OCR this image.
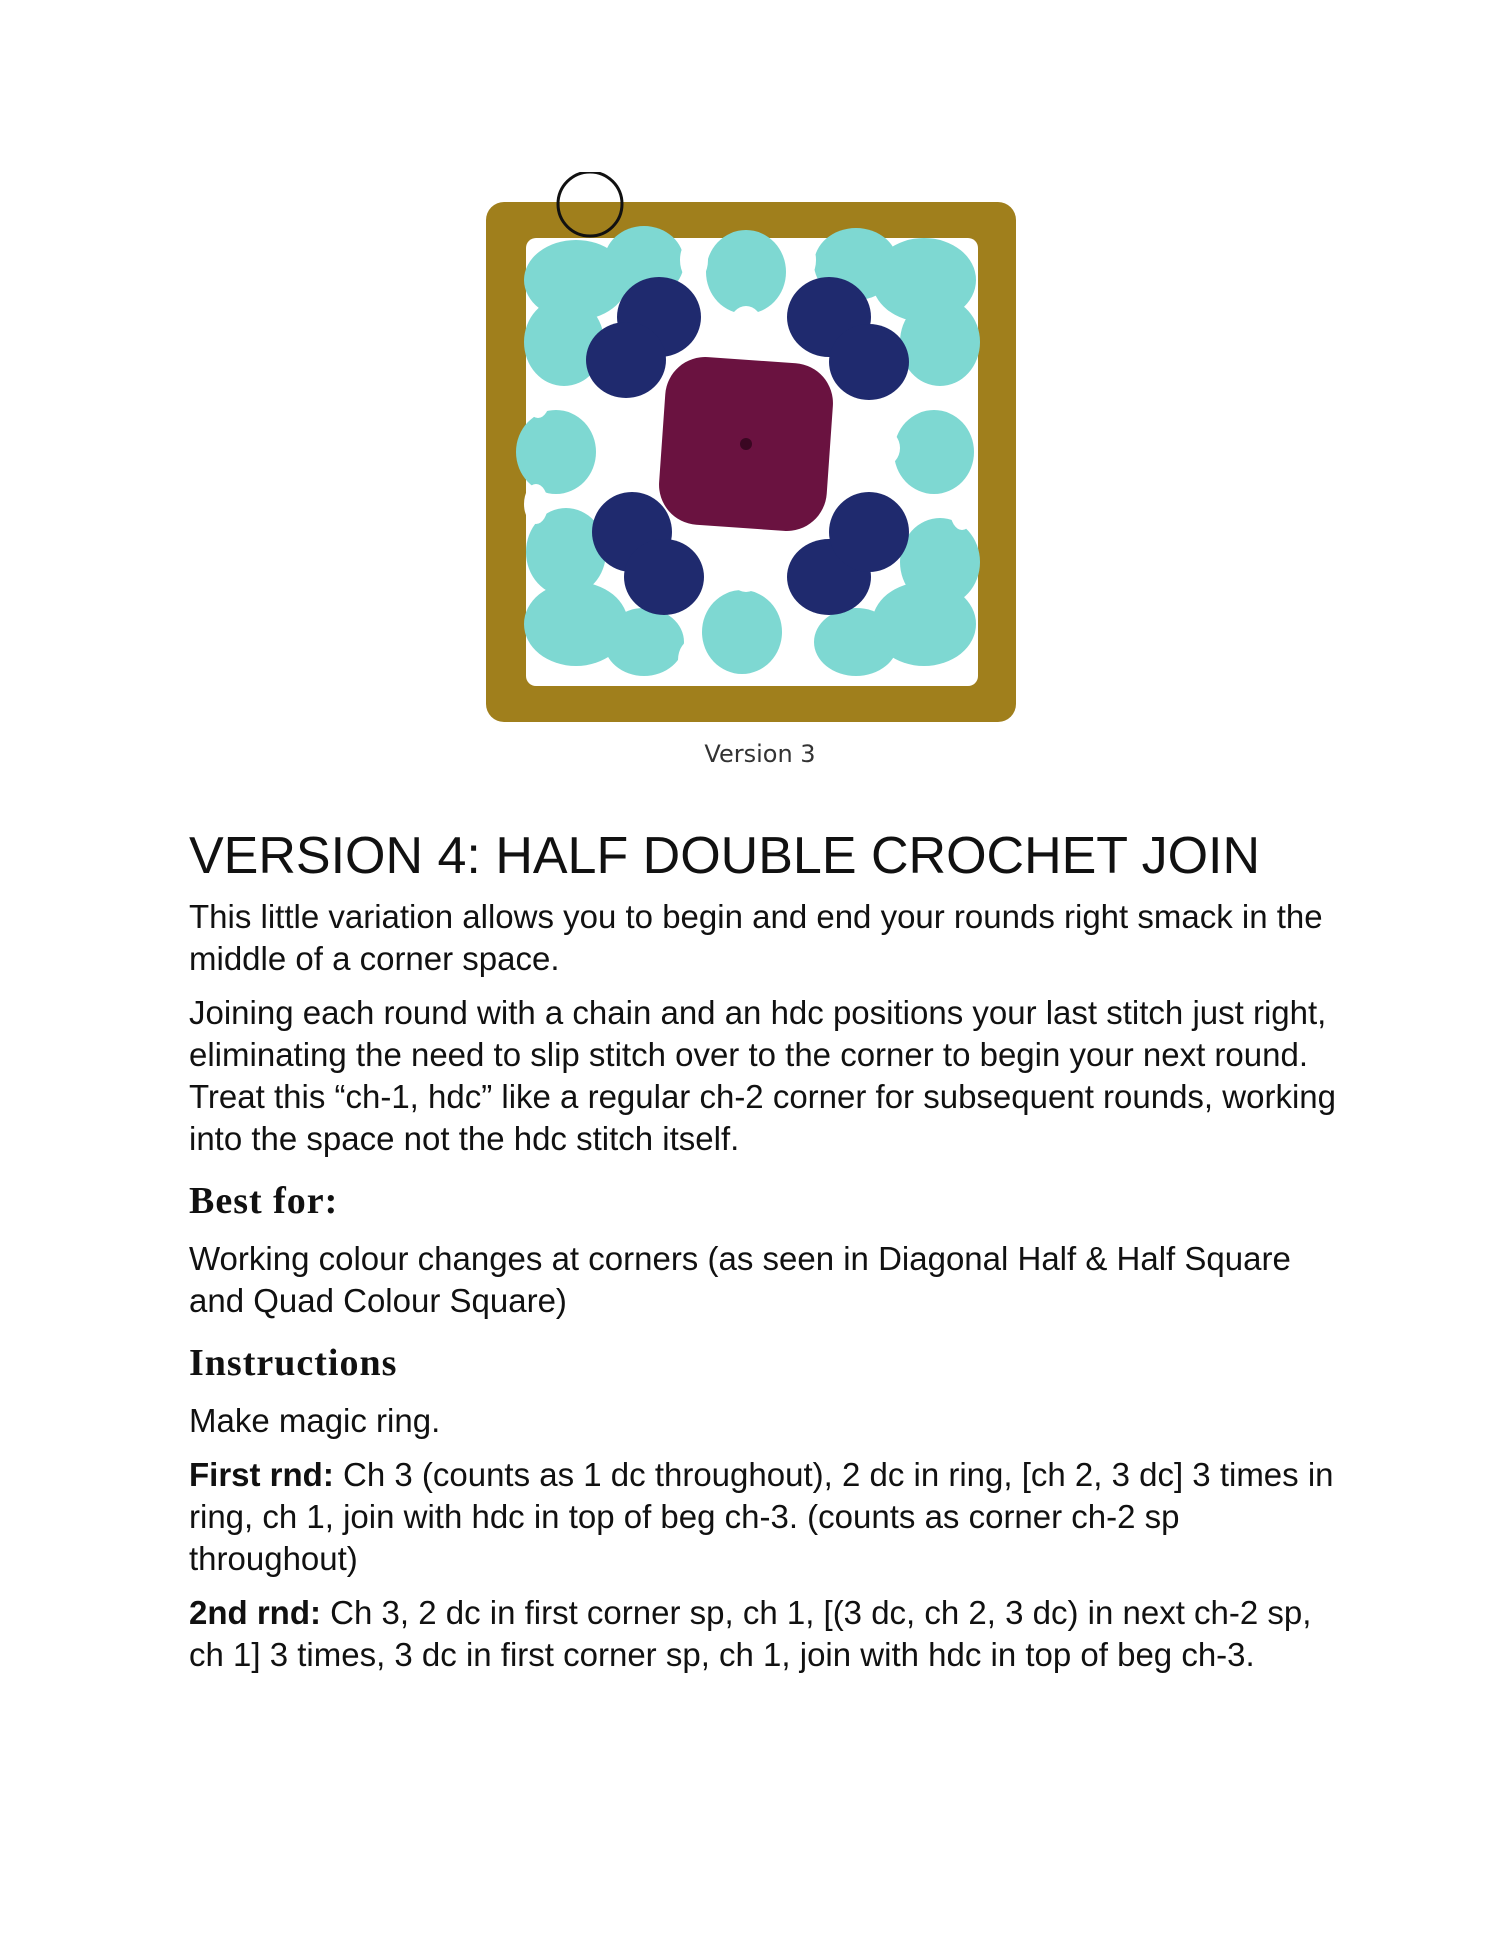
Version 3
VERSION 4: HALF DOUBLE CROCHET JOIN

This little variation allows you to begin and end your rounds right smack in the middle of a corner space.

Joining each round with a chain and an hdc positions your last stitch just right, eliminating the need to slip stitch over to the corner to begin your next round. Treat this “ch-1, hdc” like a regular ch-2 corner for subsequent rounds, working into the space not the hdc stitch itself.

Best for:

Working colour changes at corners (as seen in Diagonal Half & Half Square and Quad Colour Square)

Instructions

Make magic ring.

First rnd: Ch 3 (counts as 1 dc throughout), 2 dc in ring, [ch 2, 3 dc] 3 times in ring, ch 1, join with hdc in top of beg ch-3. (counts as corner ch-2 sp throughout)

2nd rnd: Ch 3, 2 dc in first corner sp, ch 1, [(3 dc, ch 2, 3 dc) in next ch-2 sp, ch 1] 3 times, 3 dc in first corner sp, ch 1, join with hdc in top of beg ch-3.
